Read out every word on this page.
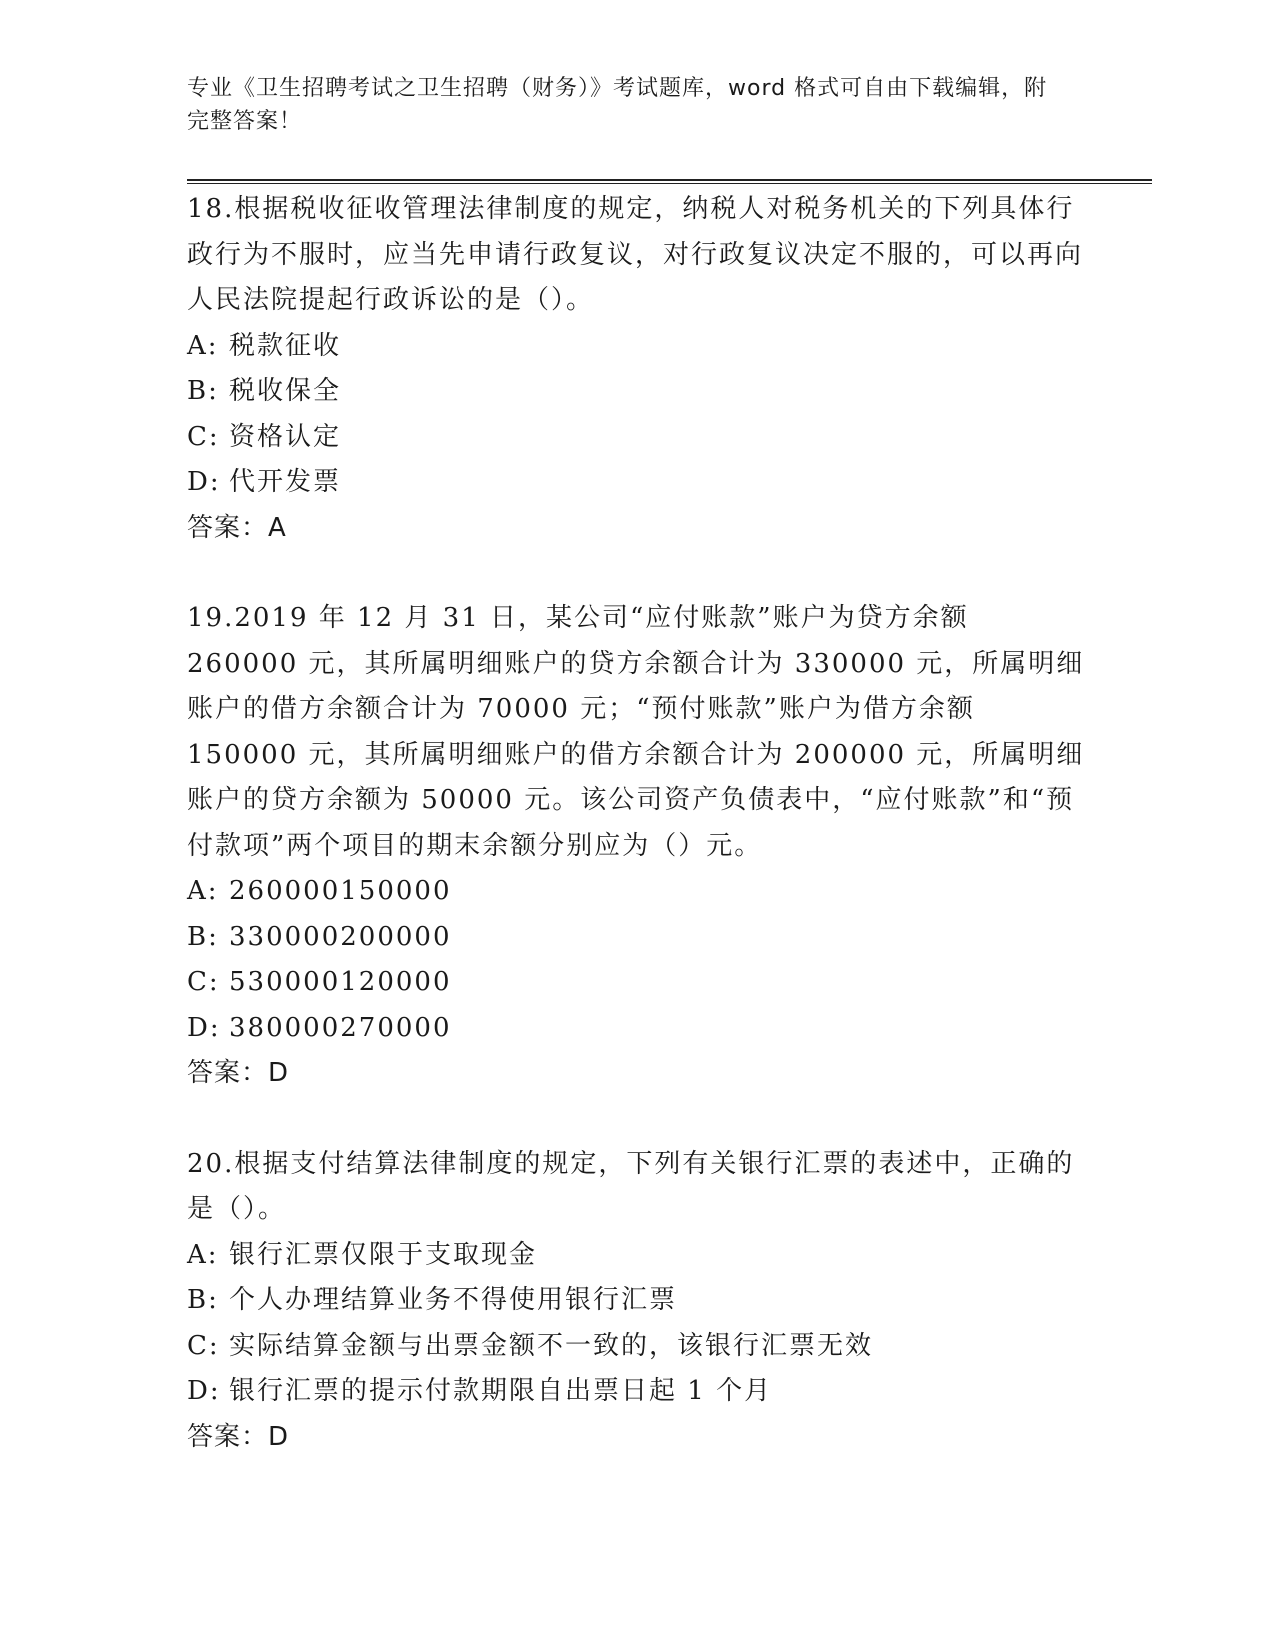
专业《卫生招聘考试之卫生招聘（财务）》考试题库，word 格式可自由下载编辑，附完整答案！

18.根据税收征收管理法律制度的规定，纳税人对税务机关的下列具体行政行为不服时，应当先申请行政复议，对行政复议决定不服的，可以再向人民法院提起行政诉讼的是（）。

A: 税款征收

B: 税收保全

C: 资格认定

D: 代开发票

答案：A

19.2019 年 12 月 31 日，某公司“应付账款”账户为贷方余额 260000 元，其所属明细账户的贷方余额合计为 330000 元，所属明细账户的借方余额合计为 70000 元；“预付账款”账户为借方余额 150000 元，其所属明细账户的借方余额合计为 200000 元，所属明细账户的贷方余额为 50000 元。该公司资产负债表中，“应付账款”和“预付款项”两个项目的期末余额分别应为（）元。

A: 260000150000

B: 330000200000

C: 530000120000

D: 380000270000

答案：D

20.根据支付结算法律制度的规定，下列有关银行汇票的表述中，正确的是（）。

A: 银行汇票仅限于支取现金

B: 个人办理结算业务不得使用银行汇票

C: 实际结算金额与出票金额不一致的，该银行汇票无效

D: 银行汇票的提示付款期限自出票日起 1 个月

答案：D
